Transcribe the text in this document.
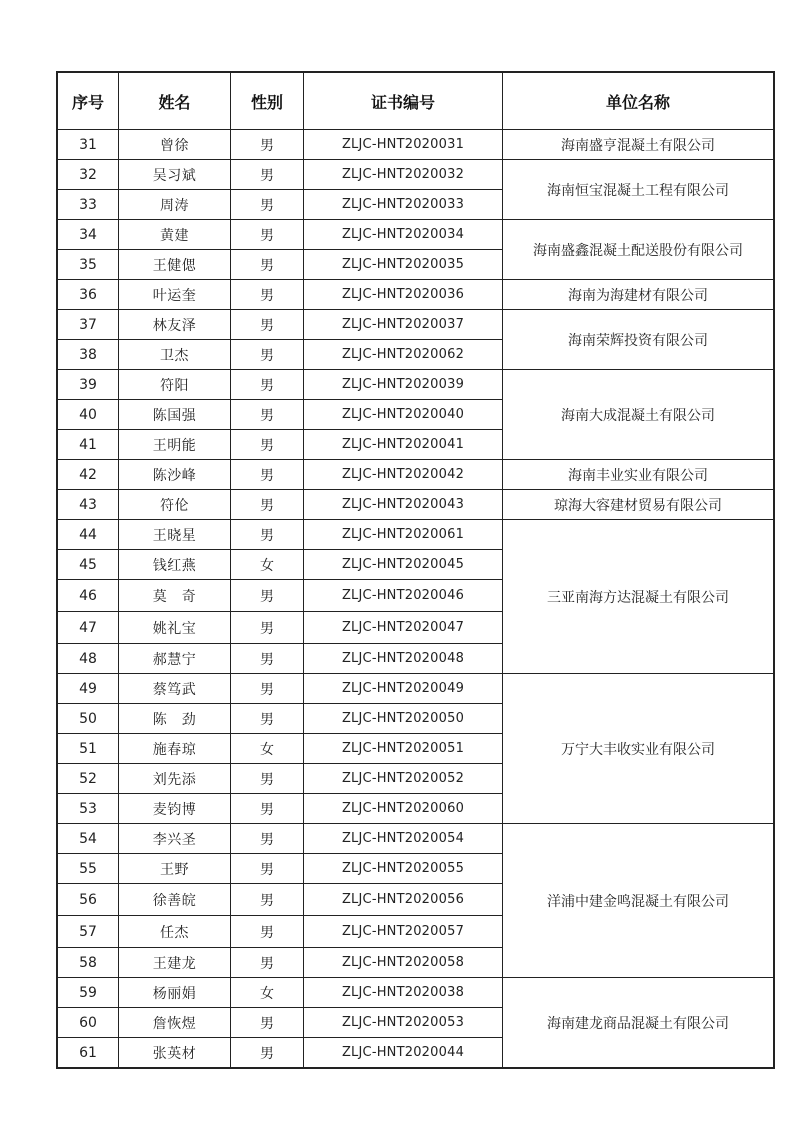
序号	姓名	性别	证书编号	单位名称
31	曾徐	男	ZLJC-HNT2020031	海南盛亨混凝土有限公司
32	吴习斌	男	ZLJC-HNT2020032	海南恒宝混凝土工程有限公司
33	周涛	男	ZLJC-HNT2020033	
34	黄建	男	ZLJC-HNT2020034	海南盛鑫混凝土配送股份有限公司
35	王健偲	男	ZLJC-HNT2020035	
36	叶运奎	男	ZLJC-HNT2020036	海南为海建材有限公司
37	林友泽	男	ZLJC-HNT2020037	海南荣辉投资有限公司
38	卫杰	男	ZLJC-HNT2020062	
39	符阳	男	ZLJC-HNT2020039	海南大成混凝土有限公司
40	陈国强	男	ZLJC-HNT2020040	
41	王明能	男	ZLJC-HNT2020041	
42	陈沙峰	男	ZLJC-HNT2020042	海南丰业实业有限公司
43	符伦	男	ZLJC-HNT2020043	琼海大容建材贸易有限公司
44	王晓星	男	ZLJC-HNT2020061	三亚南海方达混凝土有限公司
45	钱红燕	女	ZLJC-HNT2020045	
46	莫　奇	男	ZLJC-HNT2020046	
47	姚礼宝	男	ZLJC-HNT2020047	
48	郝慧宁	男	ZLJC-HNT2020048	
49	蔡笃武	男	ZLJC-HNT2020049	万宁大丰收实业有限公司
50	陈　劲	男	ZLJC-HNT2020050	
51	施春琼	女	ZLJC-HNT2020051	
52	刘先添	男	ZLJC-HNT2020052	
53	麦钧博	男	ZLJC-HNT2020060	
54	李兴圣	男	ZLJC-HNT2020054	洋浦中建金鸣混凝土有限公司
55	王野	男	ZLJC-HNT2020055	
56	徐善皖	男	ZLJC-HNT2020056	
57	任杰	男	ZLJC-HNT2020057	
58	王建龙	男	ZLJC-HNT2020058	
59	杨丽娟	女	ZLJC-HNT2020038	海南建龙商品混凝土有限公司
60	詹恢煜	男	ZLJC-HNT2020053	
61	张英材	男	ZLJC-HNT2020044	
